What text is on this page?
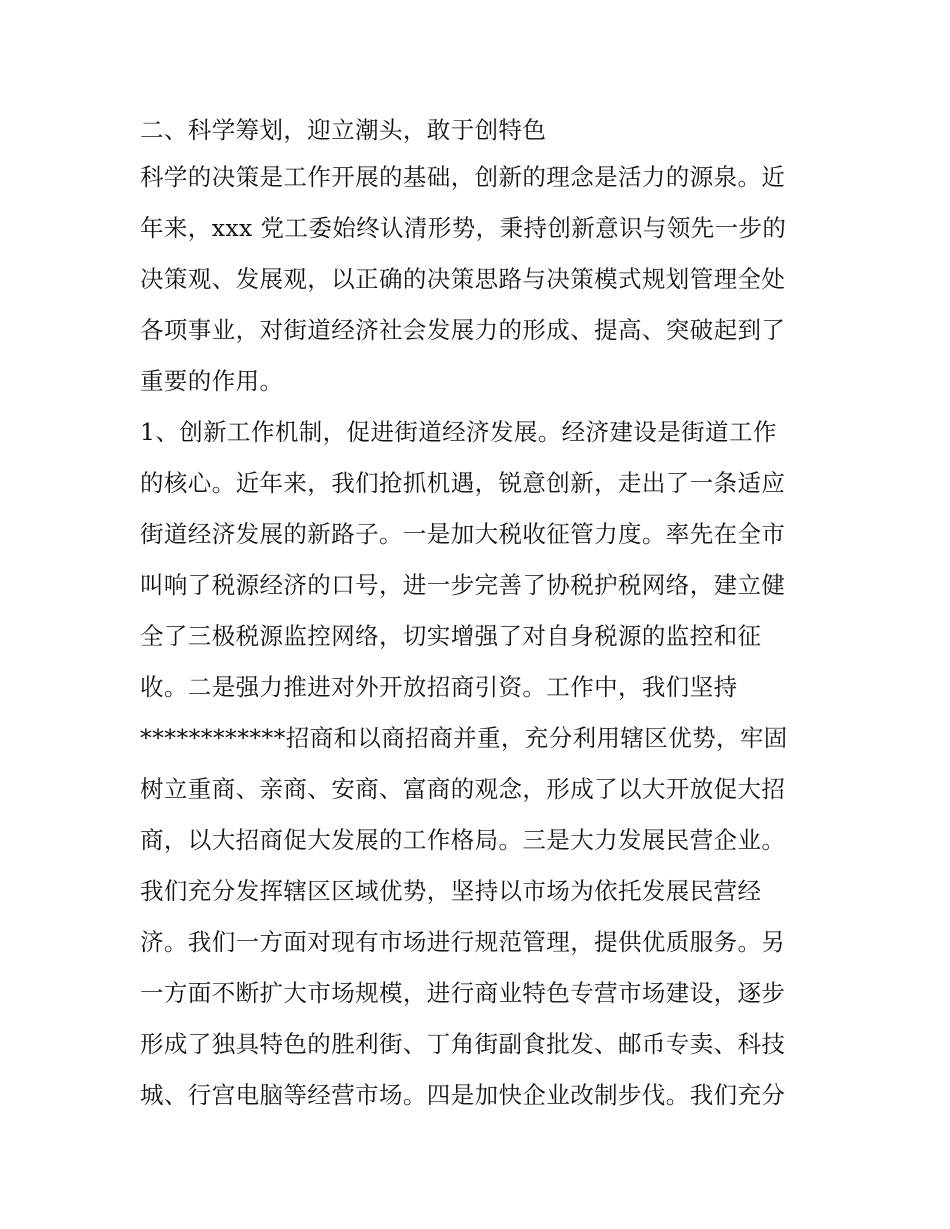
二、科学筹划，迎立潮头，敢于创特色
科学的决策是工作开展的基础，创新的理念是活力的源泉。近
年来，xxx 党工委始终认清形势，秉持创新意识与领先一步的
决策观、发展观，以正确的决策思路与决策模式规划管理全处
各项事业，对街道经济社会发展力的形成、提高、突破起到了
重要的作用。
1、创新工作机制，促进街道经济发展。经济建设是街道工作
的核心。近年来，我们抢抓机遇，锐意创新，走出了一条适应
街道经济发展的新路子。一是加大税收征管力度。率先在全市
叫响了税源经济的口号，进一步完善了协税护税网络，建立健
全了三极税源监控网络，切实增强了对自身税源的监控和征
收。二是强力推进对外开放招商引资。工作中，我们坚持
************招商和以商招商并重，充分利用辖区优势，牢固
树立重商、亲商、安商、富商的观念，形成了以大开放促大招
商，以大招商促大发展的工作格局。三是大力发展民营企业。
我们充分发挥辖区区域优势，坚持以市场为依托发展民营经
济。我们一方面对现有市场进行规范管理，提供优质服务。另
一方面不断扩大市场规模，进行商业特色专营市场建设，逐步
形成了独具特色的胜利街、丁角街副食批发、邮币专卖、科技
城、行宫电脑等经营市场。四是加快企业改制步伐。我们充分
